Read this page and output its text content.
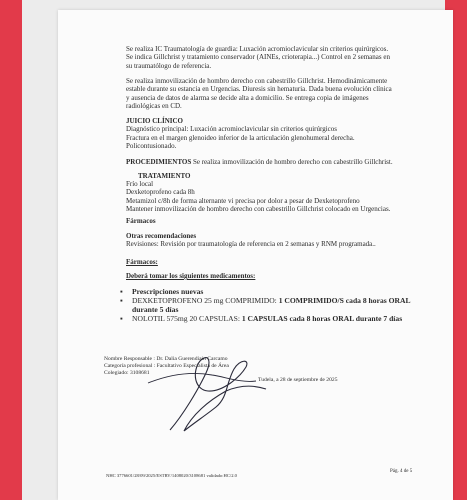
Se realiza IC Traumatología de guardia: Luxación acromioclavicular sin criterios quirúrgicos.
Se indica Gillchrist y tratamiento conservador (AINEs, crioterapia...) Control en 2 semanas en
su traumatólogo de referencia.
Se realiza inmovilización de hombro derecho con cabestrillo Gillchrist. Hemodinámicamente
estable durante su estancia en Urgencias. Diuresis sin hematuria. Dada buena evolución clínica
y ausencia de datos de alarma se decide alta a domicilio. Se entrega copia de imágenes
radiológicas en CD.
JUICIO CLÍNICO
Diagnóstico principal: Luxación acromioclavicular sin criterios quirúrgicos
Fractura en el margen glenoideo inferior de la articulación glenohumeral derecha.
Policontusionado.
PROCEDIMIENTOS Se realiza inmovilización de hombro derecho con cabestrillo Gillchrist.
TRATAMIENTO
Frío local
Dexketoprofeno cada 8h
Metamizol c/8h de forma alternante vi precisa por dolor a pesar de Dexketoprofeno
Mantener inmovilización de hombro derecho con cabestrillo Gillchrist colocado en Urgencias.
Fármacos
Otras recomendaciones
Revisiones: Revisión por traumatología de referencia en 2 semanas y RNM programada..
Fármacos:
Deberá tomar los siguientes medicamentos:
▪ Prescripciones nuevas
▪ DEXKETOPROFENO 25 mg COMPRIMIDO: 1 COMPRIMIDO/S cada 8 horas ORAL durante 5 días
▪ NOLOTIL 575mg 20 CAPSULAS: 1 CAPSULAS cada 8 horas ORAL durante 7 días
Nombre Responsable : Dr. Dalia Guerendiain Carcamo
Categoría profesional : Facultativo Especialista de Área
Colegiado: 3108681
Tudela, a 28 de septiembre de 2025
NHC 3776601/28/09/2025/ESTRV/1408020/3108681 validado:HC/2.0
Pág. 4 de 5
